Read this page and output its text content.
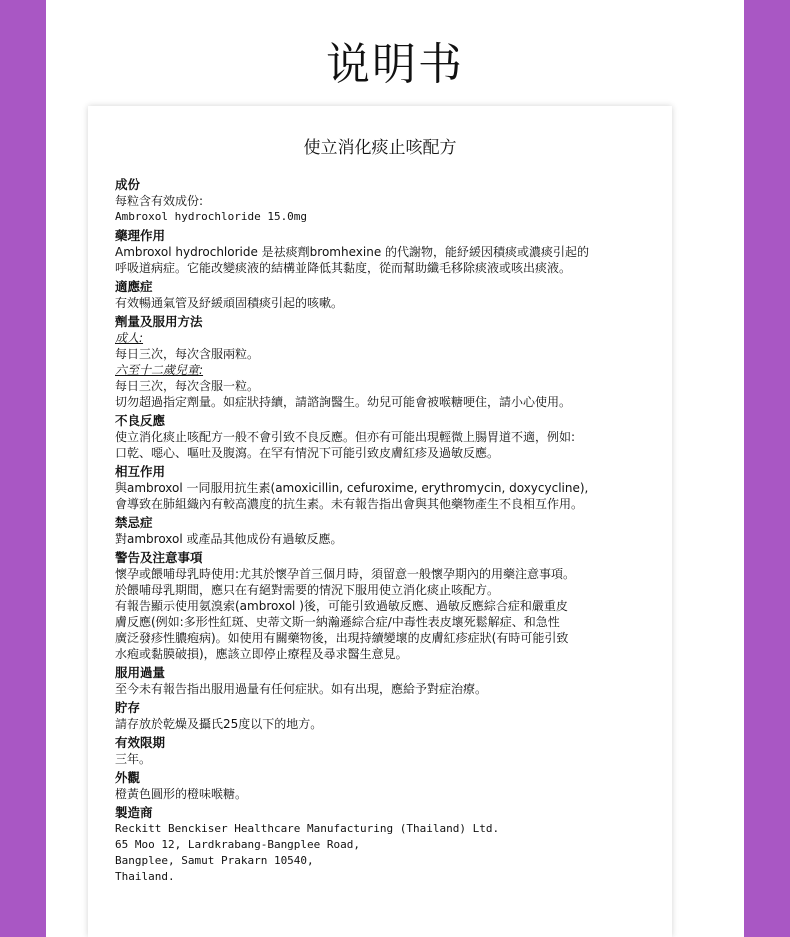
说明书
使立消化痰止咳配方
成份
每粒含有效成份:
Ambroxol hydrochloride 15.0mg
藥理作用
Ambroxol hydrochloride 是祛痰劑bromhexine 的代謝物，能紓緩因積痰或濃痰引起的
呼吸道病症。它能改變痰液的結構並降低其黏度，從而幫助纖毛移除痰液或咳出痰液。
適應症
有效暢通氣管及紓緩頑固積痰引起的咳嗽。
劑量及服用方法
成人:
每日三次，每次含服兩粒。
六至十二歲兒童:
每日三次，每次含服一粒。
切勿超過指定劑量。如症狀持續，請諮詢醫生。幼兒可能會被喉糖哽住，請小心使用。
不良反應
使立消化痰止咳配方一般不會引致不良反應。但亦有可能出現輕微上腸胃道不適，例如:
口乾、噁心、嘔吐及腹瀉。在罕有情況下可能引致皮膚紅疹及過敏反應。
相互作用
與ambroxol 一同服用抗生素(amoxicillin, cefuroxime, erythromycin, doxycycline),
會導致在肺組織內有較高濃度的抗生素。未有報告指出會與其他藥物產生不良相互作用。
禁忌症
對ambroxol 或產品其他成份有過敏反應。
警告及注意事項
懷孕或餵哺母乳時使用:尤其於懷孕首三個月時，須留意一般懷孕期內的用藥注意事項。
於餵哺母乳期間，應只在有絕對需要的情況下服用使立消化痰止咳配方。
有報告顯示使用氨溴索(ambroxol )後，可能引致過敏反應、過敏反應綜合症和嚴重皮
膚反應(例如:多形性紅斑、史蒂文斯一納瀚遜綜合症/中毒性表皮壞死鬆解症、和急性
廣泛發疹性膿疱病)。如使用有關藥物後，出現持續變壞的皮膚紅疹症狀(有時可能引致
水疱或黏膜破損)，應該立即停止療程及尋求醫生意見。
服用過量
至今未有報告指出服用過量有任何症狀。如有出現，應給予對症治療。
貯存
請存放於乾燥及攝氏25度以下的地方。
有效限期
三年。
外觀
橙黃色圓形的橙味喉糖。
製造商
Reckitt Benckiser Healthcare Manufacturing (Thailand) Ltd.
65 Moo 12, Lardkrabang-Bangplee Road,
Bangplee, Samut Prakarn 10540,
Thailand.
